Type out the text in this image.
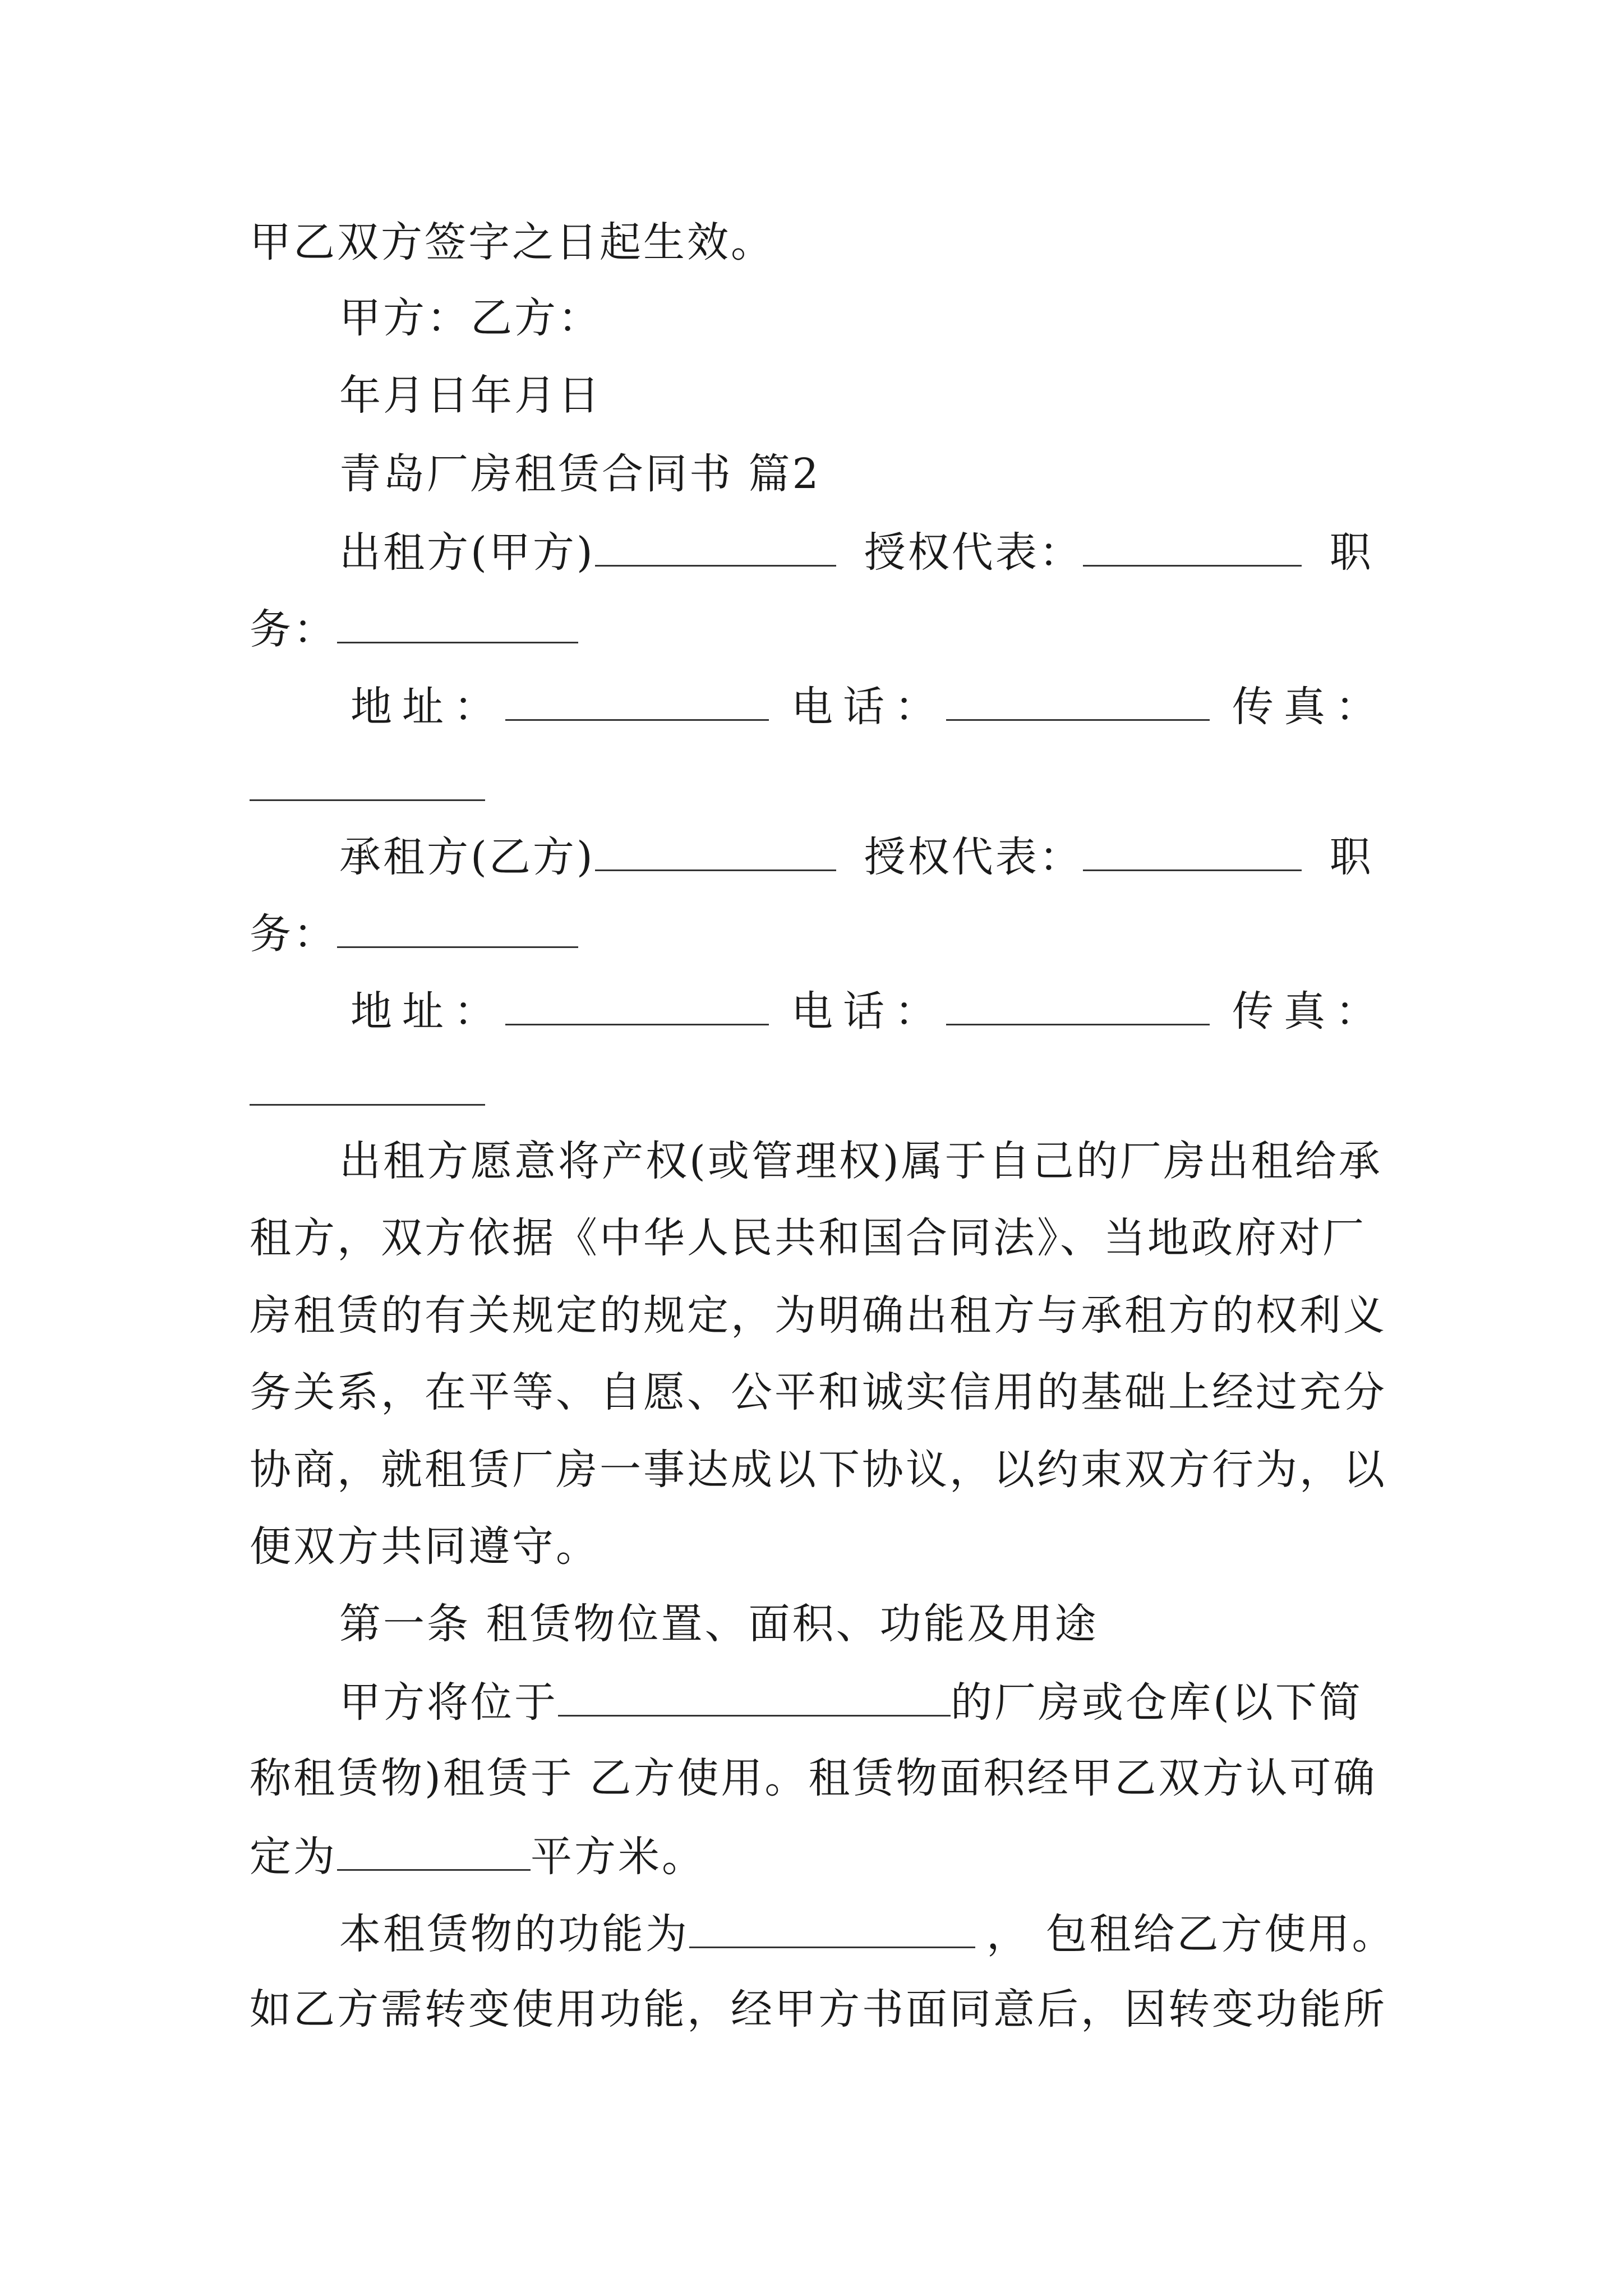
甲乙双方签字之日起生效。
甲方：乙方：
年月日年月日
青岛厂房租赁合同书 篇2
出租方(甲方)	授权代表：	职
务：
地址：	电话：	传真：
承租方(乙方)	授权代表：	职
务：
地址：	电话：	传真：
出租方愿意将产权(或管理权)属于自己的厂房出租给承
租方，双方依据《中华人民共和国合同法》、当地政府对厂
房租赁的有关规定的规定，为明确出租方与承租方的权利义
务关系，在平等、自愿、公平和诚实信用的基础上经过充分
协商，就租赁厂房一事达成以下协议，以约束双方行为，以
便双方共同遵守。
第一条 租赁物位置、面积、功能及用途
甲方将位于	的厂房或仓库(以下简
称租赁物)租赁于 乙方使用。租赁物面积经甲乙双方认可确
定为	平方米。
本租赁物的功能为	， 包租给乙方使用。
如乙方需转变使用功能，经甲方书面同意后，因转变功能所
